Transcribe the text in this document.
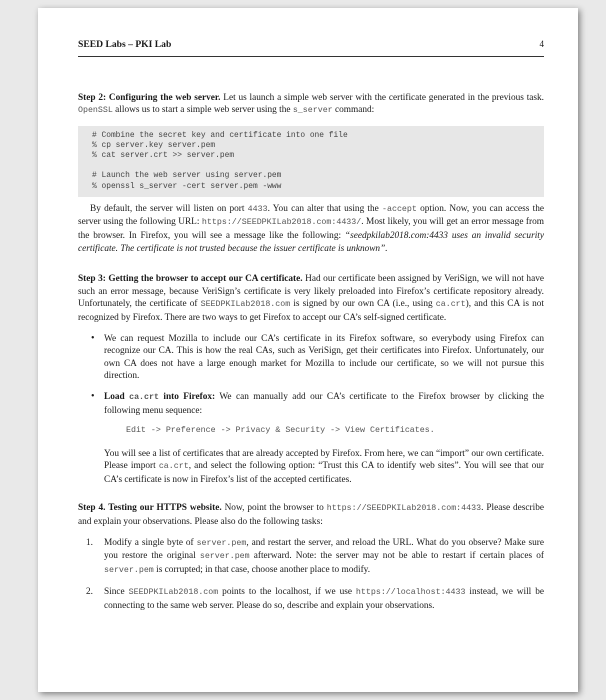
SEED Labs – PKI Lab	4

Step 2: Configuring the web server. Let us launch a simple web server with the certificate generated in the previous task. OpenSSL allows us to start a simple web server using the s_server command:

# Combine the secret key and certificate into one file
% cp server.key server.pem
% cat server.crt >> server.pem
# Launch the web server using server.pem
% openssl s_server -cert server.pem -www

By default, the server will listen on port 4433. You can alter that using the -accept option. Now, you can access the server using the following URL: https://SEEDPKILab2018.com:4433/. Most likely, you will get an error message from the browser. In Firefox, you will see a message like the following: “seedpkilab2018.com:4433 uses an invalid security certificate. The certificate is not trusted because the issuer certificate is unknown”.

Step 3: Getting the browser to accept our CA certificate. Had our certificate been assigned by VeriSign, we will not have such an error message, because VeriSign’s certificate is very likely preloaded into Firefox’s certificate repository already. Unfortunately, the certificate of SEEDPKILab2018.com is signed by our own CA (i.e., using ca.crt), and this CA is not recognized by Firefox. There are two ways to get Firefox to accept our CA’s self-signed certificate.

• We can request Mozilla to include our CA’s certificate in its Firefox software, so everybody using Firefox can recognize our CA. This is how the real CAs, such as VeriSign, get their certificates into Firefox. Unfortunately, our own CA does not have a large enough market for Mozilla to include our certificate, so we will not pursue this direction.
• Load ca.crt into Firefox: We can manually add our CA’s certificate to the Firefox browser by clicking the following menu sequence:
Edit -> Preference -> Privacy & Security -> View Certificates.
You will see a list of certificates that are already accepted by Firefox. From here, we can “import” our own certificate. Please import ca.crt, and select the following option: “Trust this CA to identify web sites”. You will see that our CA’s certificate is now in Firefox’s list of the accepted certificates.

Step 4. Testing our HTTPS website. Now, point the browser to https://SEEDPKILab2018.com:4433. Please describe and explain your observations. Please also do the following tasks:

1. Modify a single byte of server.pem, and restart the server, and reload the URL. What do you observe? Make sure you restore the original server.pem afterward. Note: the server may not be able to restart if certain places of server.pem is corrupted; in that case, choose another place to modify.
2. Since SEEDPKILab2018.com points to the localhost, if we use https://localhost:4433 instead, we will be connecting to the same web server. Please do so, describe and explain your observations.
